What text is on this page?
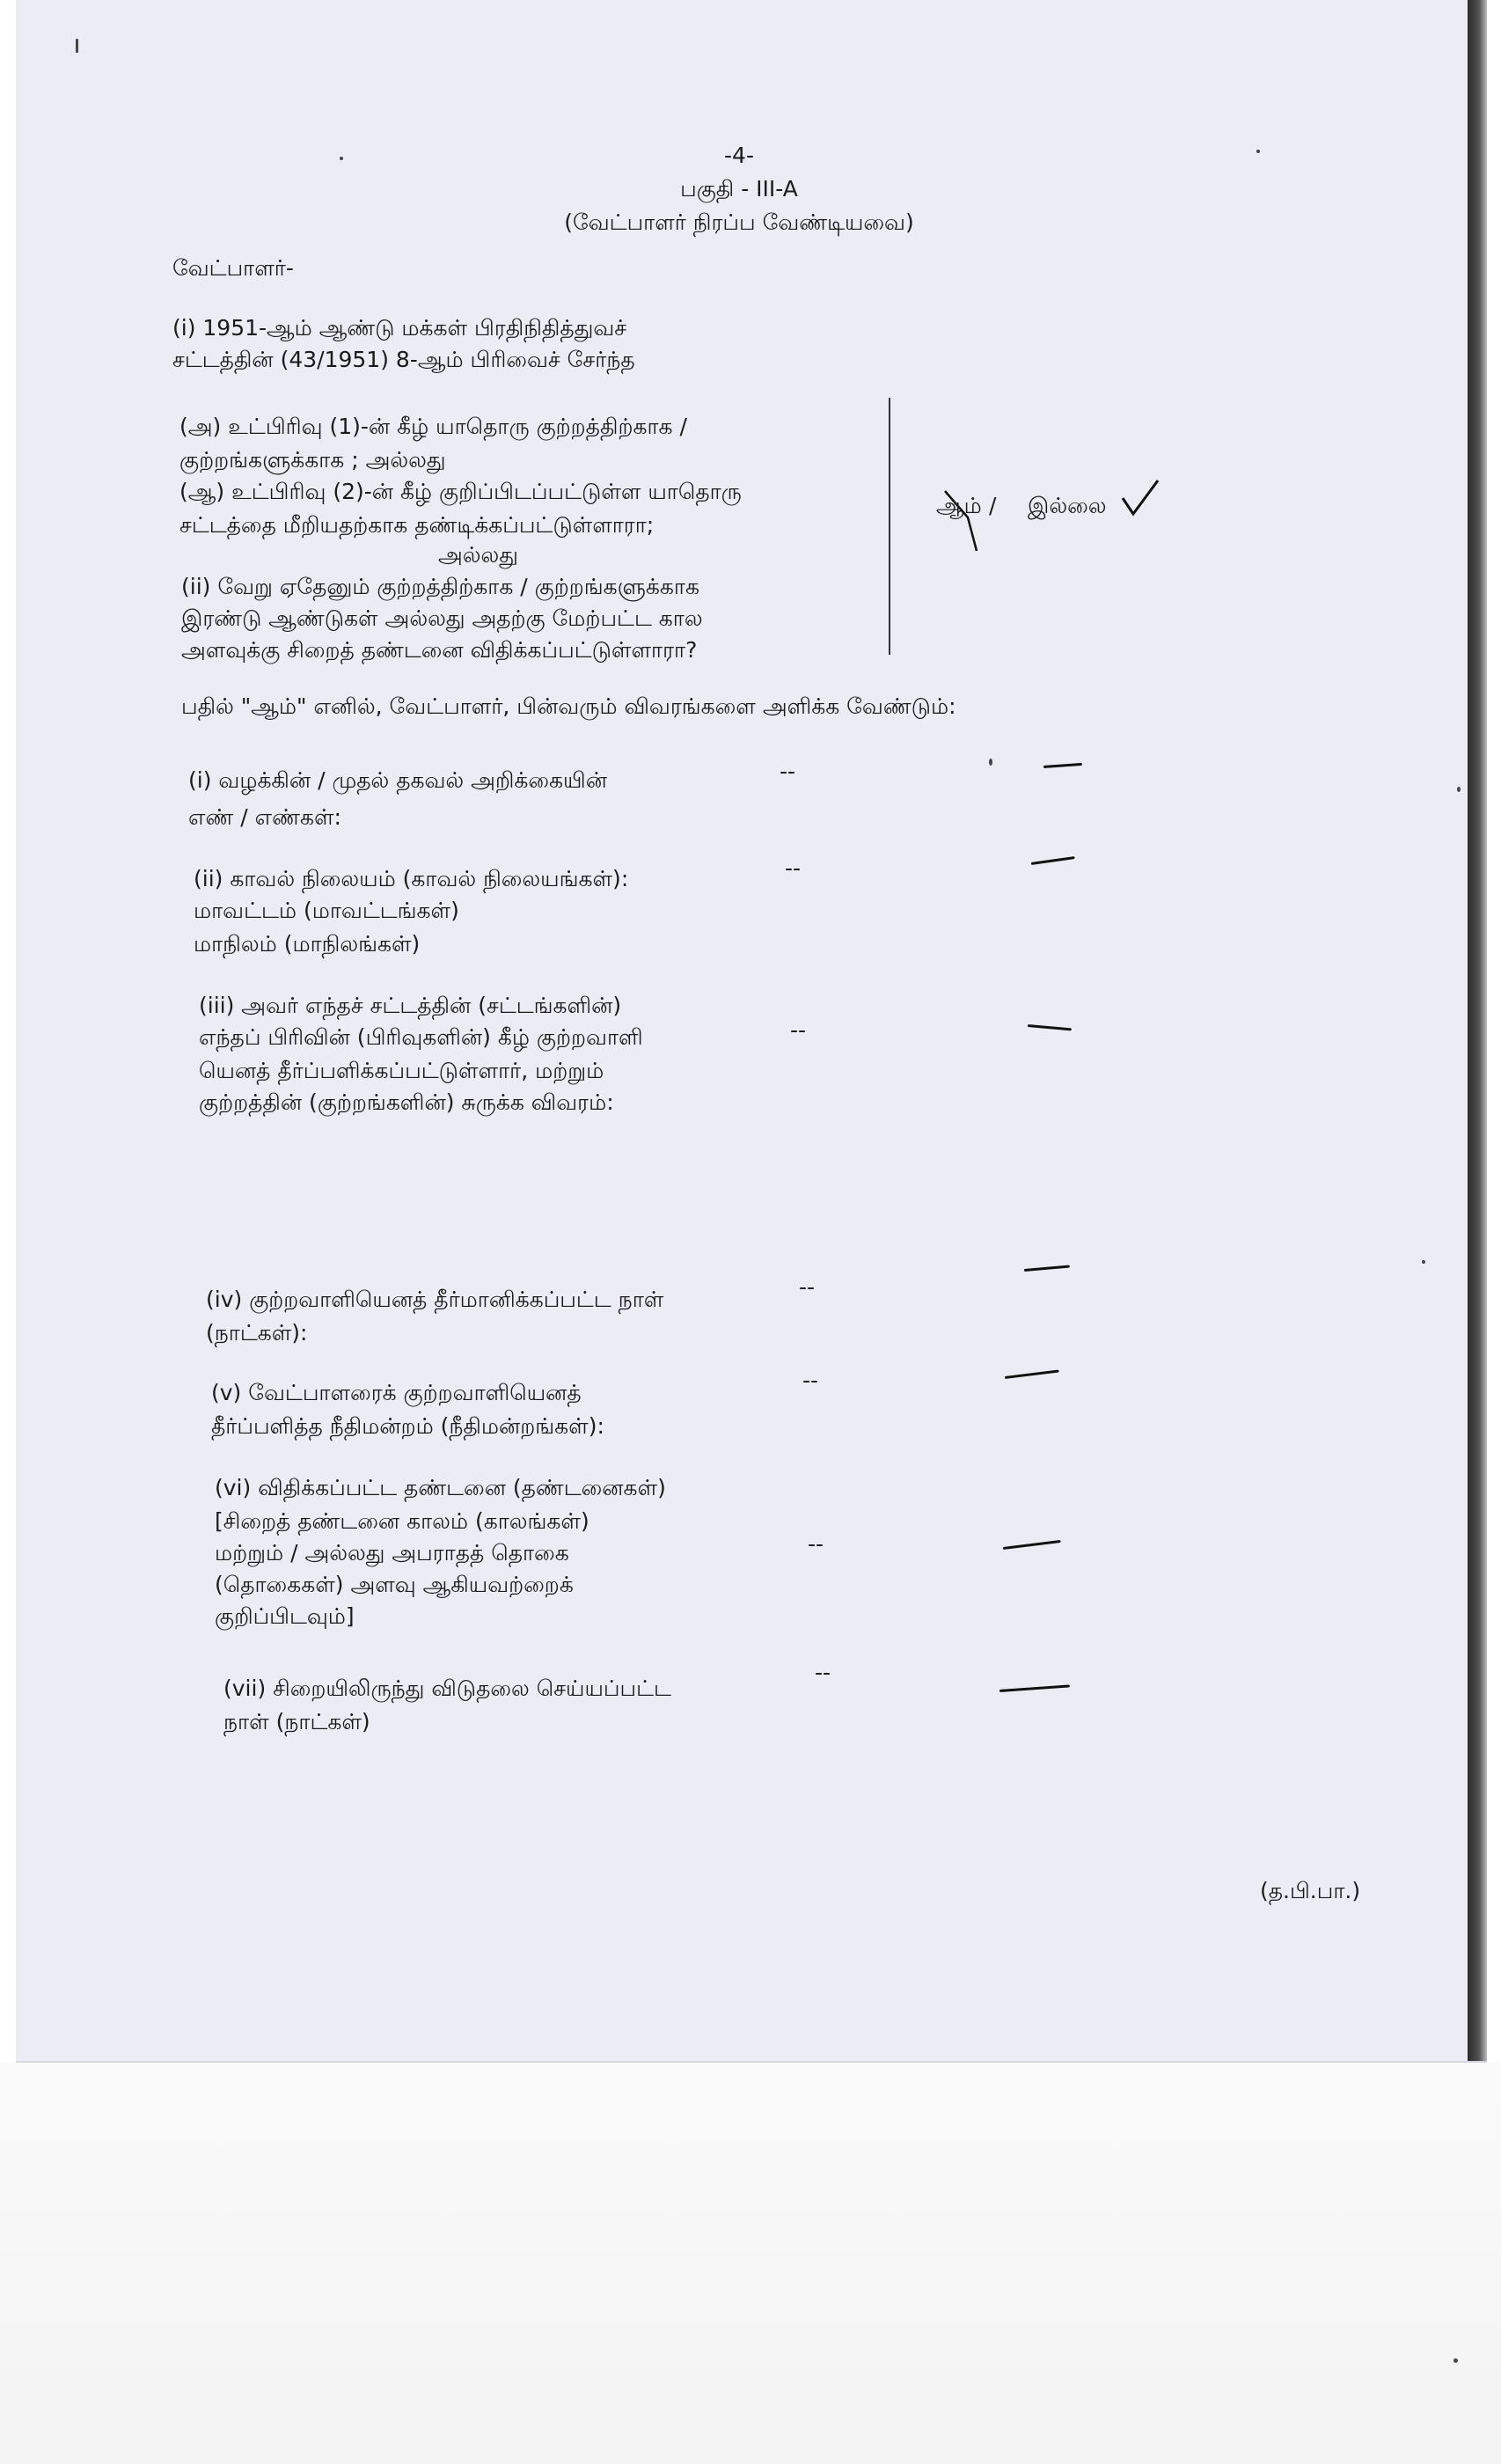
-4-
பகுதி - III-A
(வேட்பாளர் நிரப்ப வேண்டியவை)
வேட்பாளர்-
(i) 1951-ஆம் ஆண்டு மக்கள் பிரதிநிதித்துவச்
சட்டத்தின் (43/1951) 8-ஆம் பிரிவைச் சேர்ந்த
(அ) உட்பிரிவு (1)-ன் கீழ் யாதொரு குற்றத்திற்காக /
குற்றங்களுக்காக ; அல்லது
(ஆ) உட்பிரிவு (2)-ன் கீழ் குறிப்பிடப்பட்டுள்ள யாதொரு
சட்டத்தை மீறியதற்காக தண்டிக்கப்பட்டுள்ளாரா;
அல்லது
(ii) வேறு ஏதேனும் குற்றத்திற்காக / குற்றங்களுக்காக
இரண்டு ஆண்டுகள் அல்லது அதற்கு மேற்பட்ட கால
அளவுக்கு சிறைத் தண்டனை விதிக்கப்பட்டுள்ளாரா?
ஆம் / இல்லை
பதில் "ஆம்" எனில், வேட்பாளர், பின்வரும் விவரங்களை அளிக்க வேண்டும்:
(i) வழக்கின் / முதல் தகவல் அறிக்கையின்
எண் / எண்கள்:
--
(ii) காவல் நிலையம் (காவல் நிலையங்கள்):
மாவட்டம் (மாவட்டங்கள்)
மாநிலம் (மாநிலங்கள்)
--
(iii) அவர் எந்தச் சட்டத்தின் (சட்டங்களின்)
எந்தப் பிரிவின் (பிரிவுகளின்) கீழ் குற்றவாளி
யெனத் தீர்ப்பளிக்கப்பட்டுள்ளார், மற்றும்
குற்றத்தின் (குற்றங்களின்) சுருக்க விவரம்:
--
(iv) குற்றவாளியெனத் தீர்மானிக்கப்பட்ட நாள்
(நாட்கள்):
--
(v) வேட்பாளரைக் குற்றவாளியெனத்
தீர்ப்பளித்த நீதிமன்றம் (நீதிமன்றங்கள்):
--
(vi) விதிக்கப்பட்ட தண்டனை (தண்டனைகள்)
[சிறைத் தண்டனை காலம் (காலங்கள்)
மற்றும் / அல்லது அபராதத் தொகை
(தொகைகள்) அளவு ஆகியவற்றைக்
குறிப்பிடவும்]
--
(vii) சிறையிலிருந்து விடுதலை செய்யப்பட்ட
நாள் (நாட்கள்)
--
(த.பி.பா.)
